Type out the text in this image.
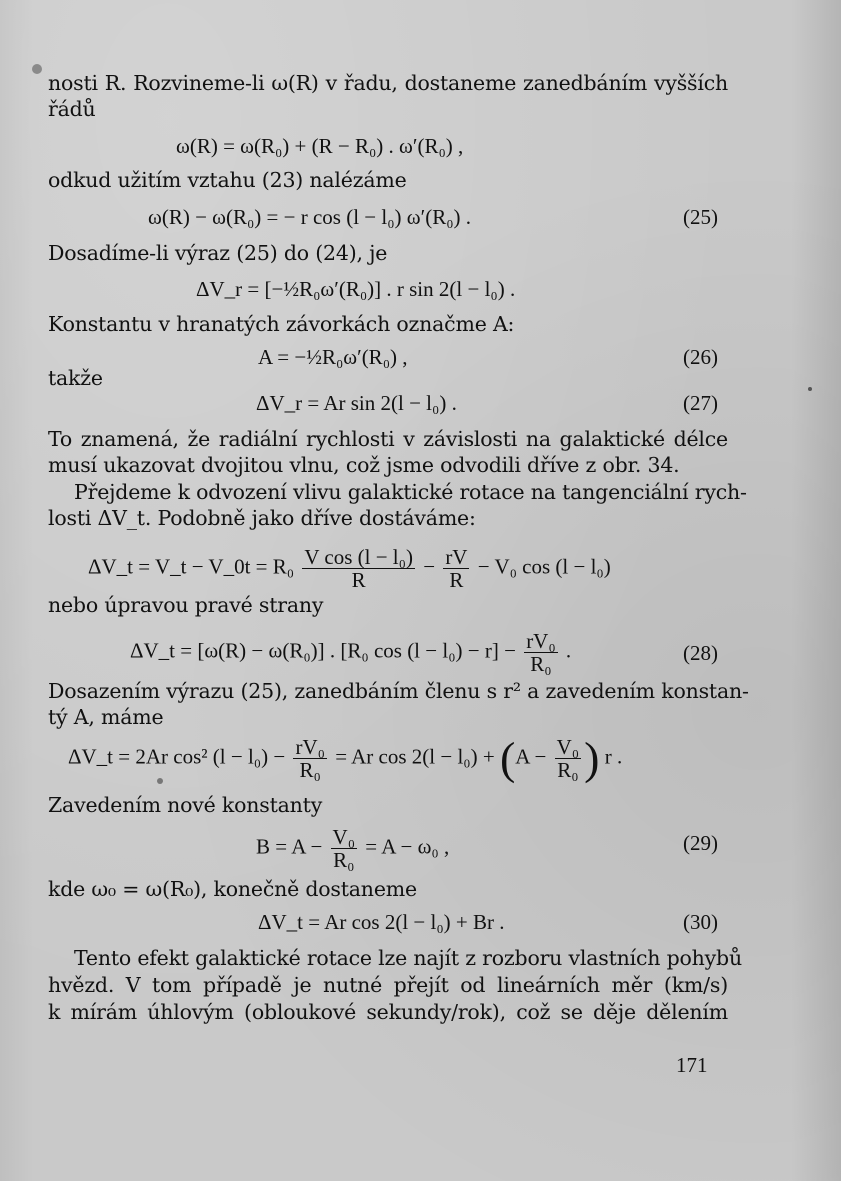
nosti R. Rozvineme-li ω(R) v řadu, dostaneme zanedbáním vyšších
řádů
ω(R) = ω(R₀) + (R − R₀) . ω′(R₀) ,
odkud užitím vztahu (23) nalézáme
ω(R) − ω(R₀) = − r cos (l − l₀) ω′(R₀) .	(25)
Dosadíme-li výraz (25) do (24), je
ΔV_r = [−½R₀ω′(R₀)] . r sin 2(l − l₀) .
Konstantu v hranatých závorkách označme A:
A = −½R₀ω′(R₀) ,	(26)
takže
ΔV_r = Ar sin 2(l − l₀) .	(27)
To znamená, že radiální rychlosti v závislosti na galaktické délce
musí ukazovat dvojitou vlnu, což jsme odvodili dříve z obr. 34.
Přejdeme k odvození vlivu galaktické rotace na tangenciální rych-
losti ΔV_t. Podobně jako dříve dostáváme:
ΔV_t = V_t − V_0t = $R_0 \frac{\text{V cos (l − l₀)}}{R} - \frac{rV}{R} - V_0$ cos (l − l₀)
nebo úpravou pravé strany
ΔV_t = [ω(R) − ω(R₀)] . [R₀ $\cos (l - l_0) - r] - \frac{\text{rV₀}}{\text{R₀}}$ .	(28)
Dosazením výrazu (25), zanedbáním členu s r² a zavedením konstan-
tý A, máme
ΔV_t = 2Ar cos² $(l - l_0) - \frac{\text{rV₀}}{\text{R₀}} = Ar$ $\cos 2(l - l_0) + (A - \frac{\text{V₀}}{\text{R₀}}$ ) r .
Zavedením nové konstanty
$B = A - \frac{\text{V₀}}{\text{R₀}} = A - \omega_0$ ,	(29)
kde ω₀ = ω(R₀), konečně dostaneme
ΔV_t = Ar cos 2(l − l₀) + Br .	(30)
Tento efekt galaktické rotace lze najít z rozboru vlastních pohybů
hvězd. V tom případě je nutné přejít od lineárních měr (km/s)
k mírám úhlovým (obloukové sekundy/rok), což se děje dělením
171
